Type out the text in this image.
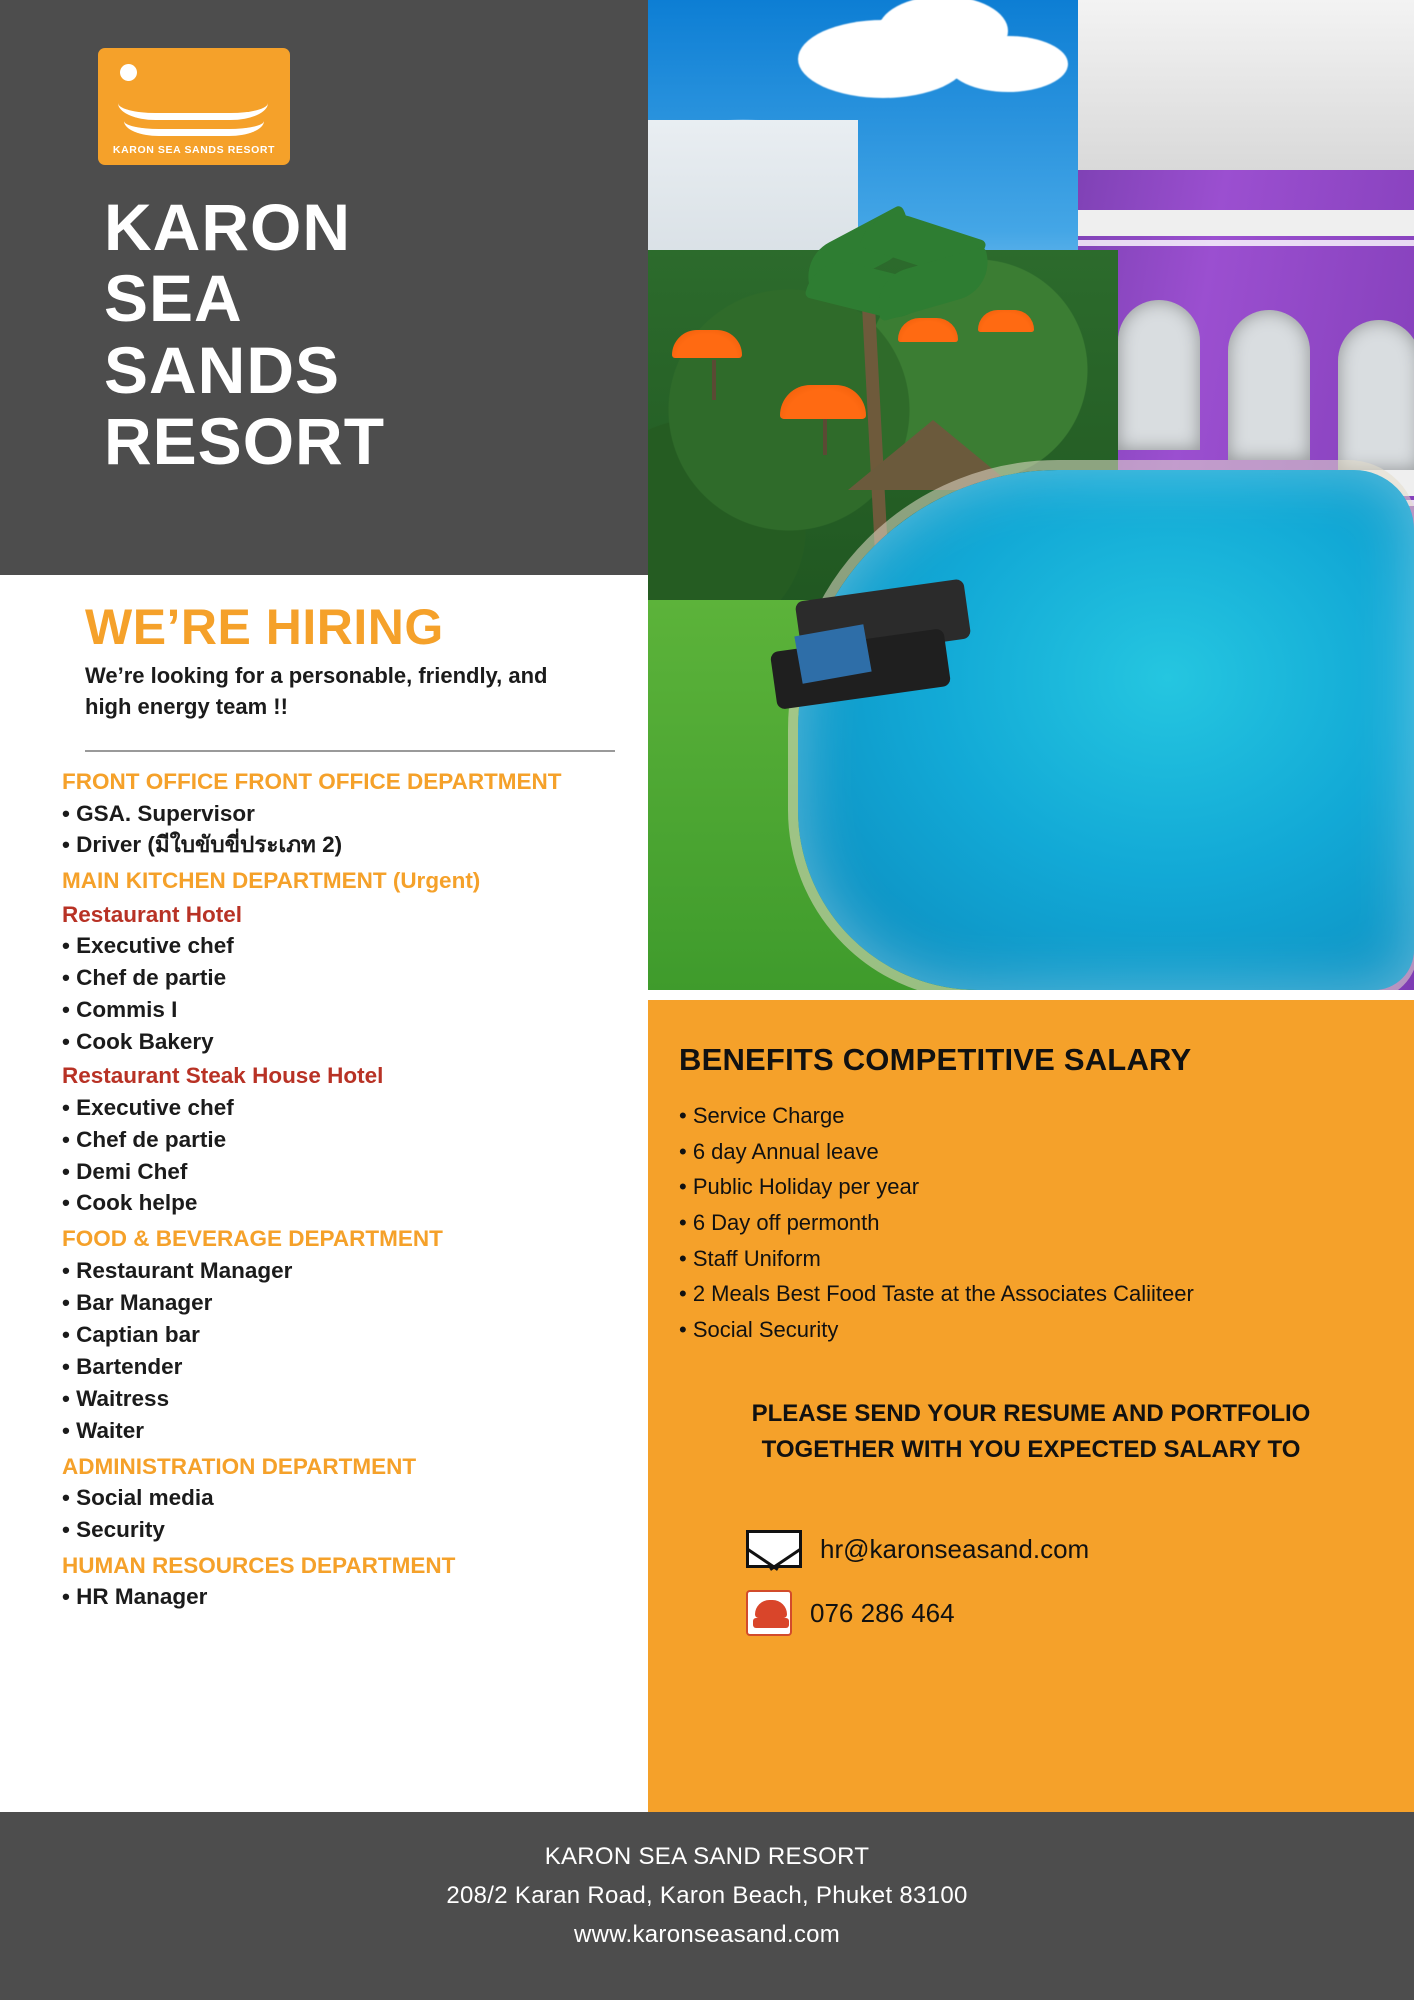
KARON SEA SANDS RESORT
KARON
SEA
SANDS
RESORT
WE’RE HIRING
We’re looking for a personable, friendly, and high energy team !!
FRONT OFFICE FRONT OFFICE DEPARTMENT
• GSA. Supervisor
• Driver (มีใบขับขี่ประเภท 2)
MAIN KITCHEN DEPARTMENT (Urgent)
Restaurant Hotel
• Executive chef
• Chef de partie
• Commis I
• Cook Bakery
Restaurant Steak House Hotel
• Executive chef
• Chef de partie
• Demi Chef
• Cook helpe
FOOD & BEVERAGE DEPARTMENT
• Restaurant Manager
• Bar Manager
• Captian bar
• Bartender
• Waitress
• Waiter
ADMINISTRATION DEPARTMENT
• Social media
• Security
HUMAN RESOURCES DEPARTMENT
• HR Manager
BENEFITS COMPETITIVE SALARY
• Service Charge
• 6 day Annual leave
• Public Holiday per year
• 6 Day off permonth
• Staff Uniform
• 2 Meals Best Food Taste at the Associates Caliiteer
• Social Security
PLEASE SEND YOUR RESUME AND PORTFOLIO TOGETHER WITH YOU EXPECTED SALARY TO
hr@karonseasand.com
076 286 464
KARON SEA SAND RESORT
208/2 Karan Road, Karon Beach, Phuket 83100
www.karonseasand.com
